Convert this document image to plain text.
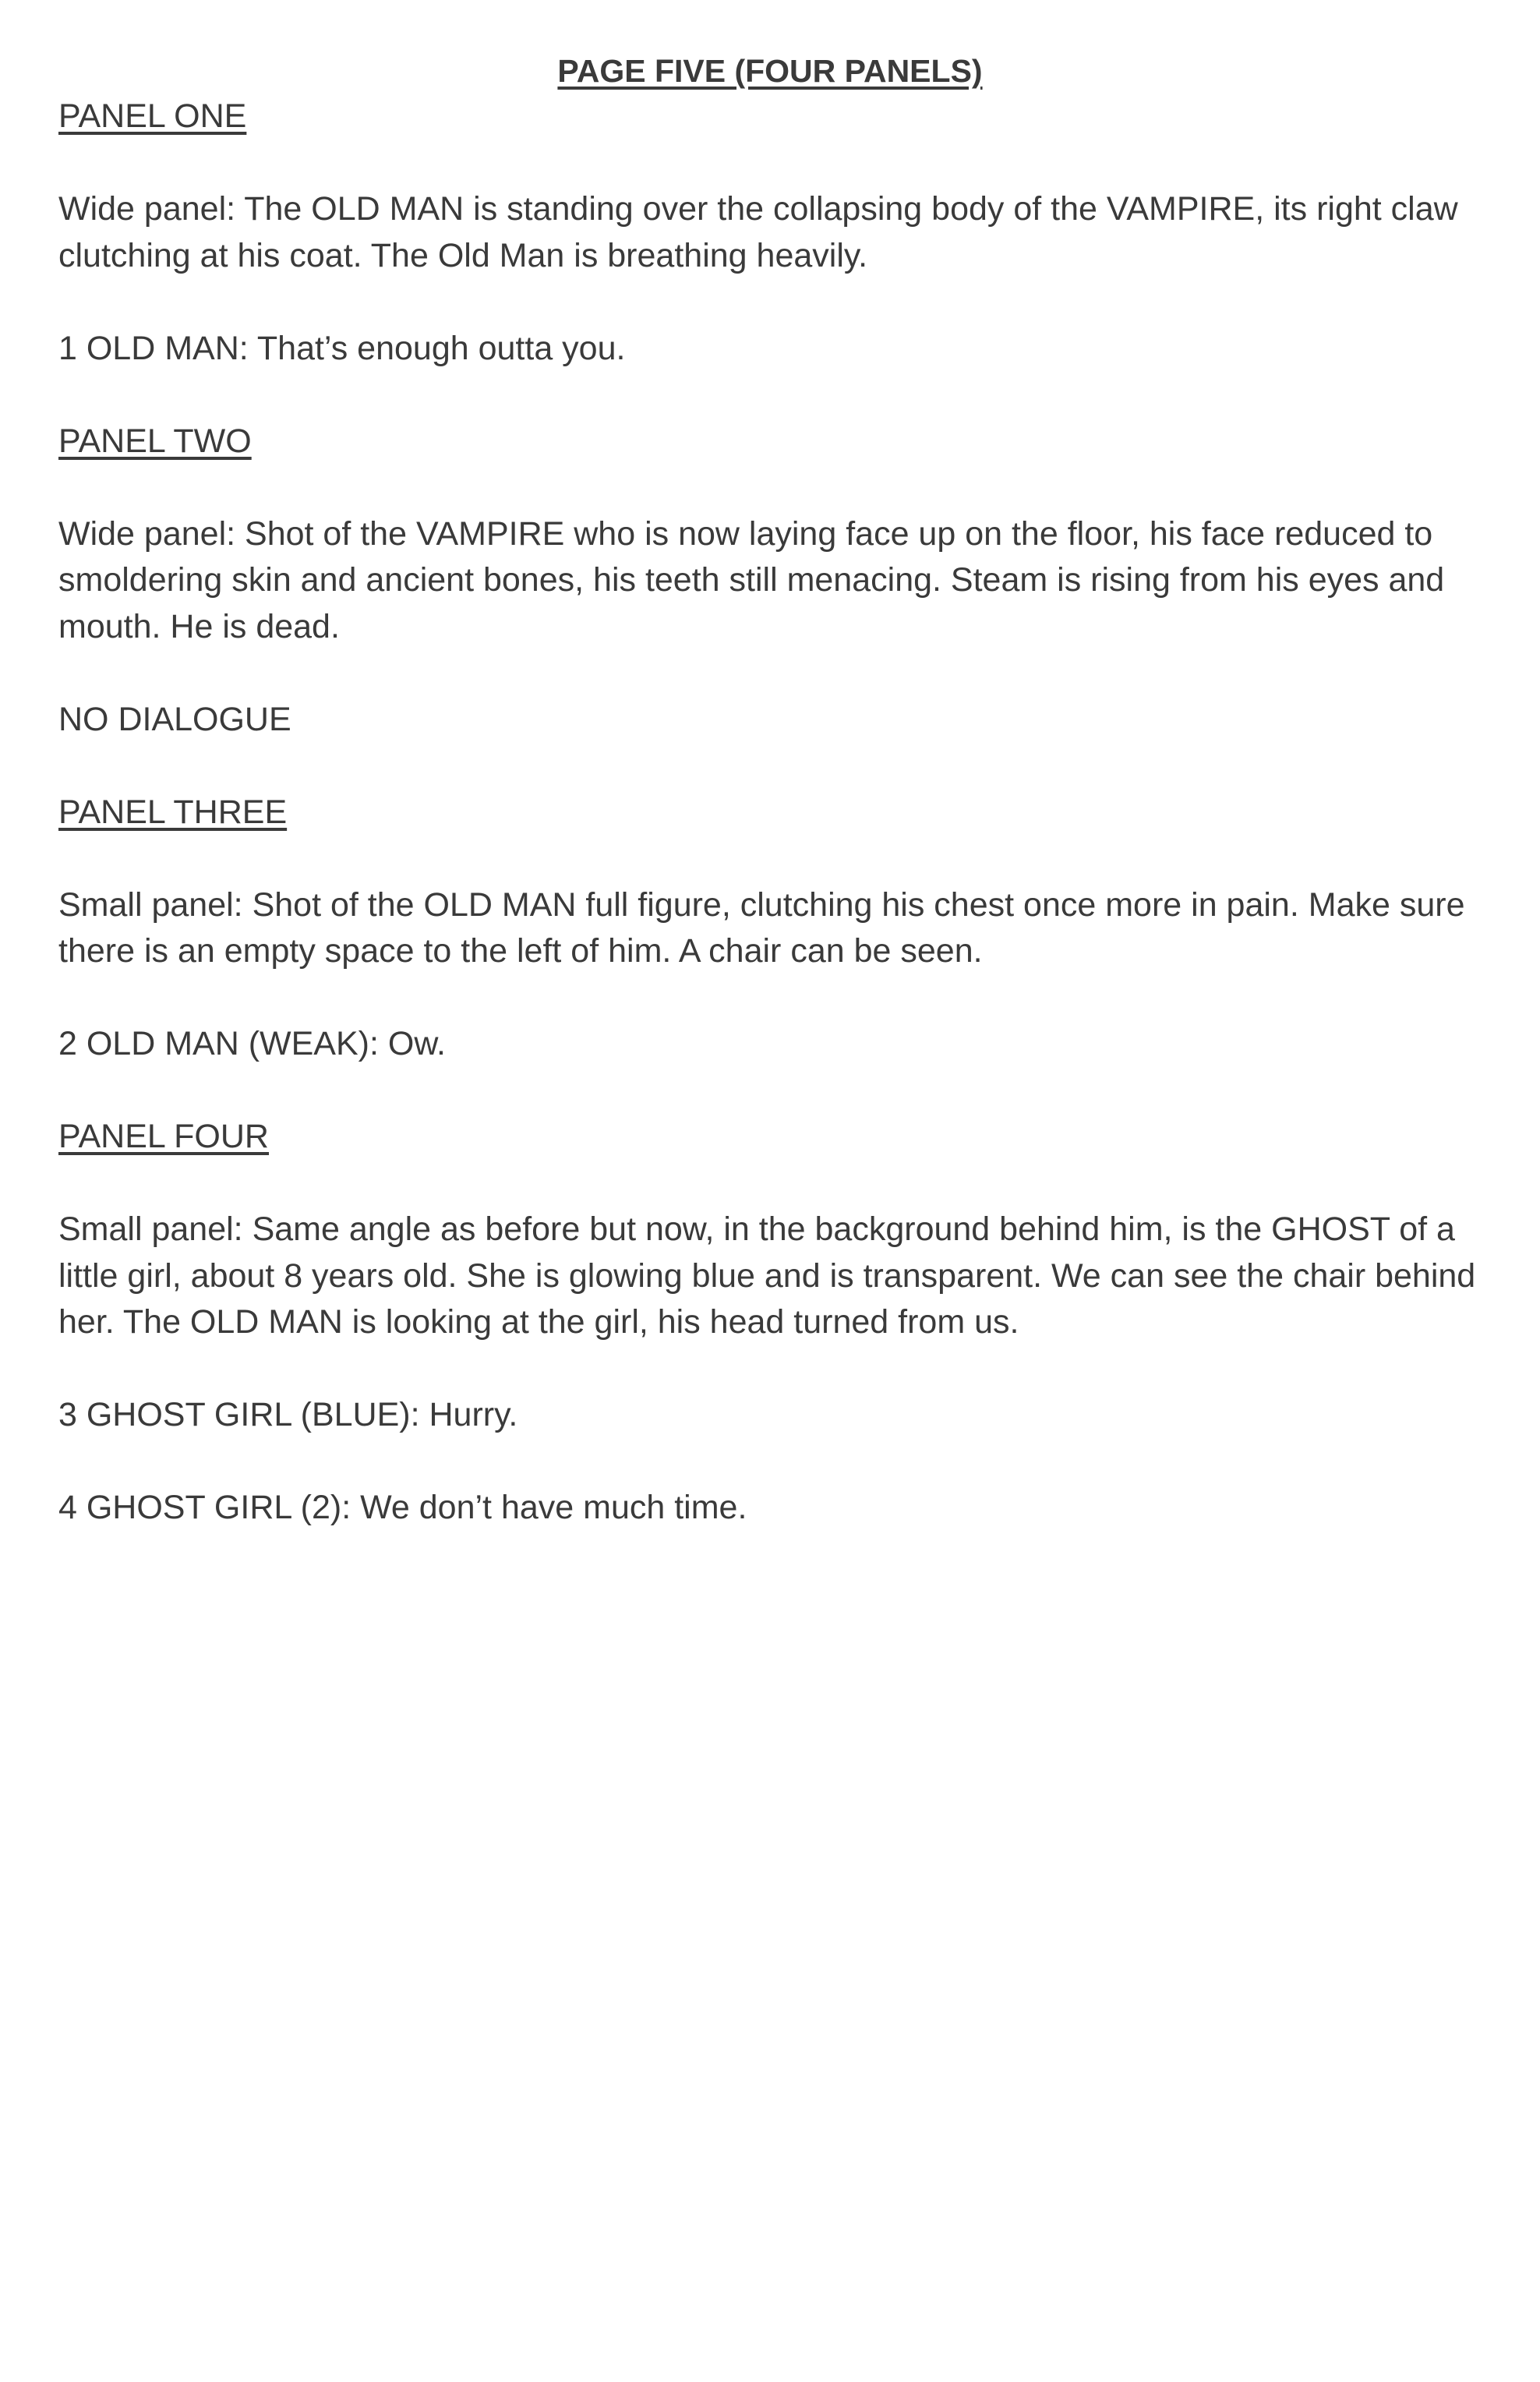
PAGE FIVE (FOUR PANELS)

PANEL ONE

Wide panel: The OLD MAN is standing over the collapsing body of the VAMPIRE, its right claw clutching at his coat. The Old Man is breathing heavily.

1 OLD MAN: That’s enough outta you.

PANEL TWO

Wide panel: Shot of the VAMPIRE who is now laying face up on the floor, his face reduced to smoldering skin and ancient bones, his teeth still menacing. Steam is rising from his eyes and mouth. He is dead.

NO DIALOGUE

PANEL THREE

Small panel: Shot of the OLD MAN full figure, clutching his chest once more in pain. Make sure there is an empty space to the left of him. A chair can be seen.

2 OLD MAN (WEAK): Ow.

PANEL FOUR

Small panel: Same angle as before but now, in the background behind him, is the GHOST of a little girl, about 8 years old. She is glowing blue and is transparent. We can see the chair behind her. The OLD MAN is looking at the girl, his head turned from us.

3 GHOST GIRL (BLUE): Hurry.

4 GHOST GIRL (2): We don’t have much time.
